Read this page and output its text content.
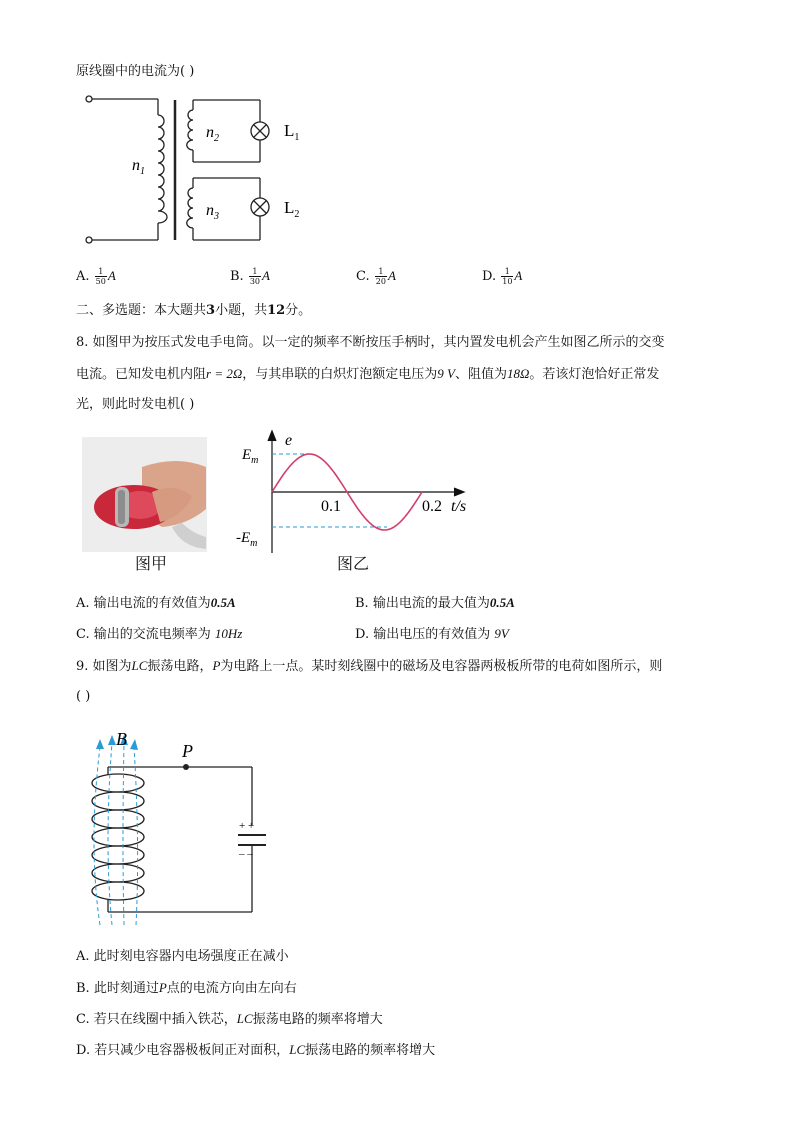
原线圈中的电流为( )
$n_1$
$n_2$
$n_3$
$L_1$
$L_2$
A. $\frac{1}{50}$ A	B. $\frac{1}{30}$ A	C. $\frac{1}{20}$ A	D. $\frac{1}{10}$ A
二、多选题：本大题共3小题，共12分。
8. 如图甲为按压式发电手电筒。以一定的频率不断按压手柄时，其内置发电机会产生如图乙所示的交变
电流。已知发电机内阻r = 2Ω，与其串联的白炽灯泡额定电压为9 V、阻值为18Ω。若该灯泡恰好正常发
光，则此时发电机( )
图甲
e
$E_m$
$-E_m$
0.1	0.2 t/s
图乙
A. 输出电流的有效值为0.5A	B. 输出电流的最大值为0.5A
C. 输出的交流电频率为 10Hz	D. 输出电压的有效值为 9V
9. 如图为LC振荡电路，P为电路上一点。某时刻线圈中的磁场及电容器两极板所带的电荷如图所示，则
( )
B
P
+ +
– –
A. 此时刻电容器内电场强度正在减小
B. 此时刻通过P点的电流方向由左向右
C. 若只在线圈中插入铁芯，LC振荡电路的频率将增大
D. 若只减少电容器极板间正对面积，LC振荡电路的频率将增大
